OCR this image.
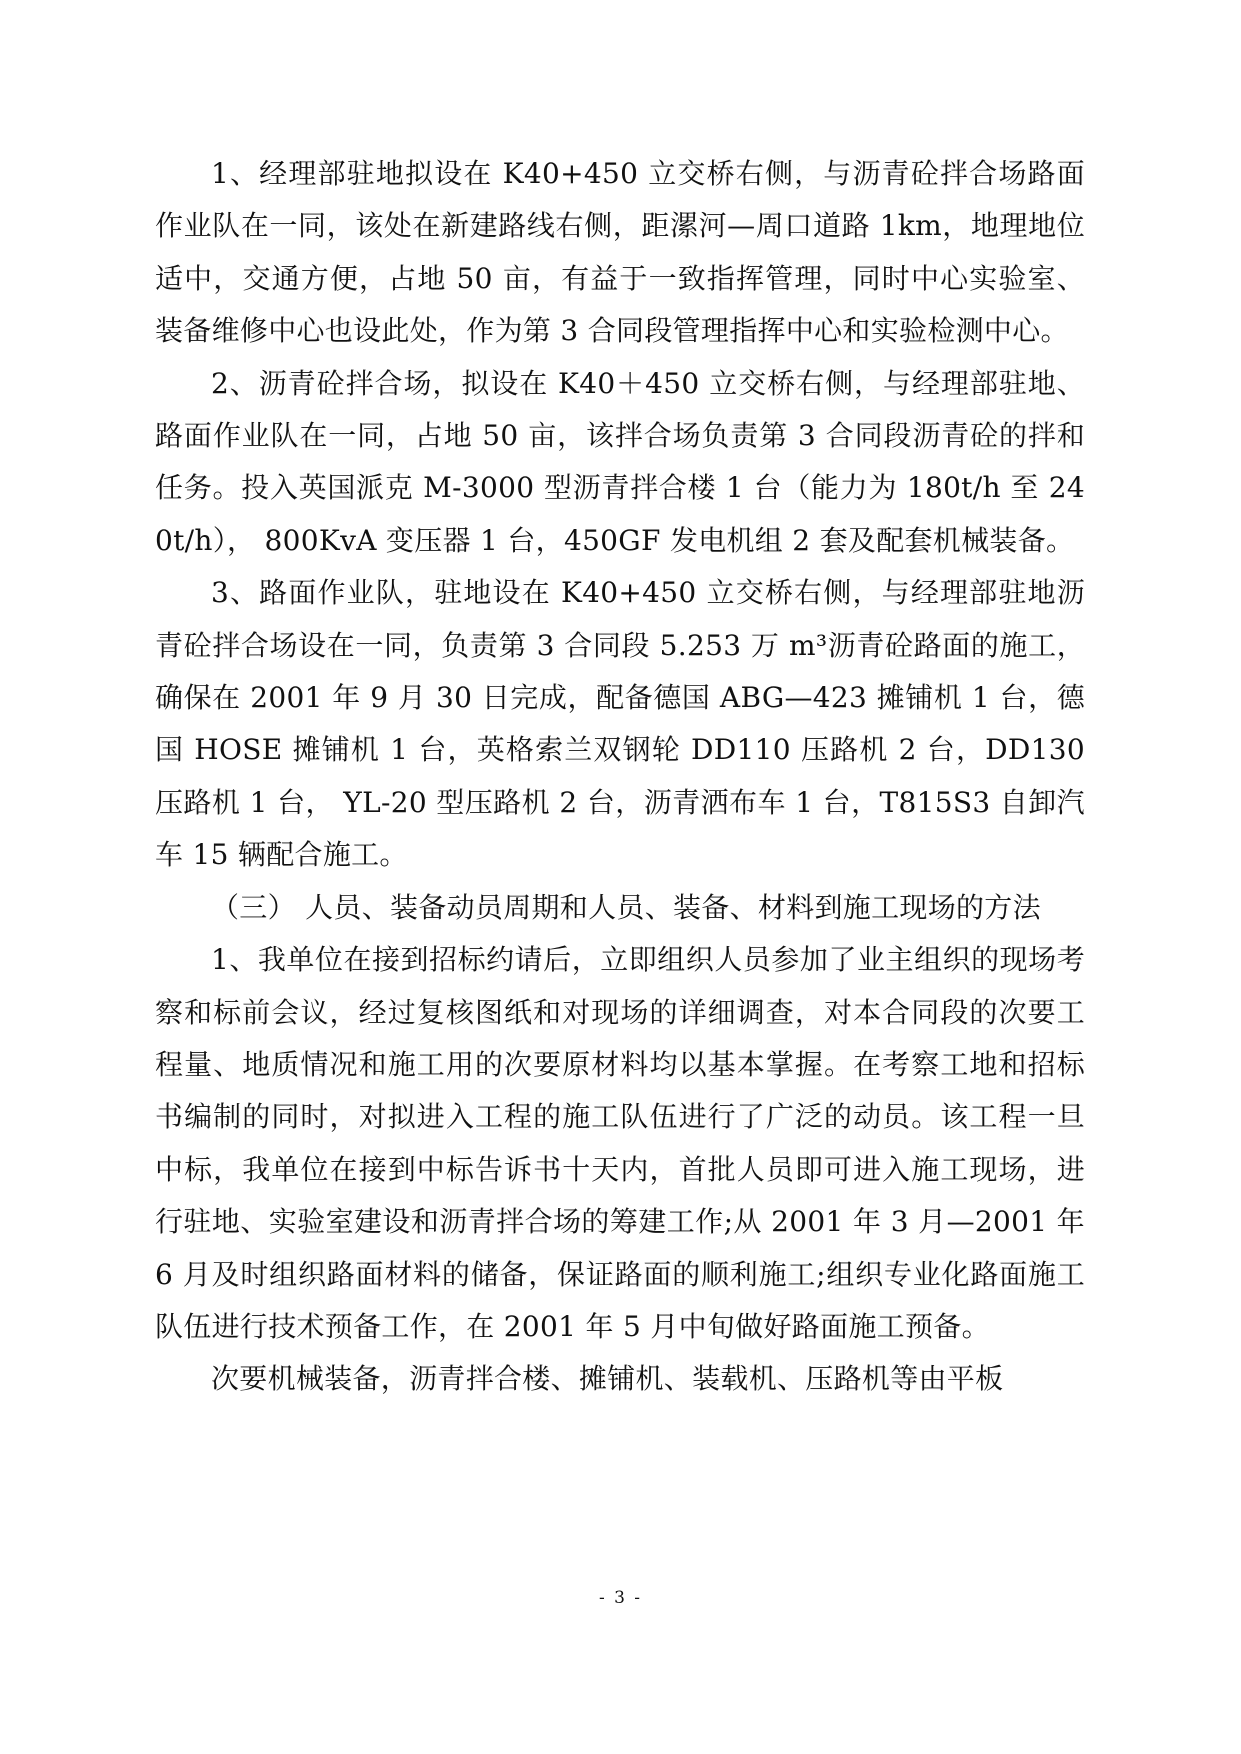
1、经理部驻地拟设在 K40+450 立交桥右侧，与沥青砼拌合场路面作业队在一同，该处在新建路线右侧，距漯河—周口道路 1km，地理地位适中，交通方便，占地 50 亩，有益于一致指挥管理，同时中心实验室、装备维修中心也设此处，作为第 3 合同段管理指挥中心和实验检测中心。

2、沥青砼拌合场，拟设在 K40＋450 立交桥右侧，与经理部驻地、路面作业队在一同，占地 50 亩，该拌合场负责第 3 合同段沥青砼的拌和任务。投入英国派克 M-3000 型沥青拌合楼 1 台（能力为 180t/h 至 240t/h）， 800KvA 变压器 1 台，450GF 发电机组 2 套及配套机械装备。

3、路面作业队，驻地设在 K40+450 立交桥右侧，与经理部驻地沥青砼拌合场设在一同，负责第 3 合同段 5.253 万 m³沥青砼路面的施工，确保在 2001 年 9 月 30 日完成，配备德国 ABG—423 摊铺机 1 台，德国 HOSE 摊铺机 1 台，英格索兰双钢轮 DD110 压路机 2 台，DD130 压路机 1 台， YL-20 型压路机 2 台，沥青洒布车 1 台，T815S3 自卸汽车 15 辆配合施工。

（三） 人员、装备动员周期和人员、装备、材料到施工现场的方法

1、我单位在接到招标约请后，立即组织人员参加了业主组织的现场考察和标前会议，经过复核图纸和对现场的详细调查，对本合同段的次要工程量、地质情况和施工用的次要原材料均以基本掌握。在考察工地和招标书编制的同时，对拟进入工程的施工队伍进行了广泛的动员。该工程一旦中标，我单位在接到中标告诉书十天内，首批人员即可进入施工现场，进行驻地、实验室建设和沥青拌合场的筹建工作;从 2001 年 3 月—2001 年 6 月及时组织路面材料的储备，保证路面的顺利施工;组织专业化路面施工队伍进行技术预备工作，在 2001 年 5 月中旬做好路面施工预备。

次要机械装备，沥青拌合楼、摊铺机、装载机、压路机等由平板

- 3 -
